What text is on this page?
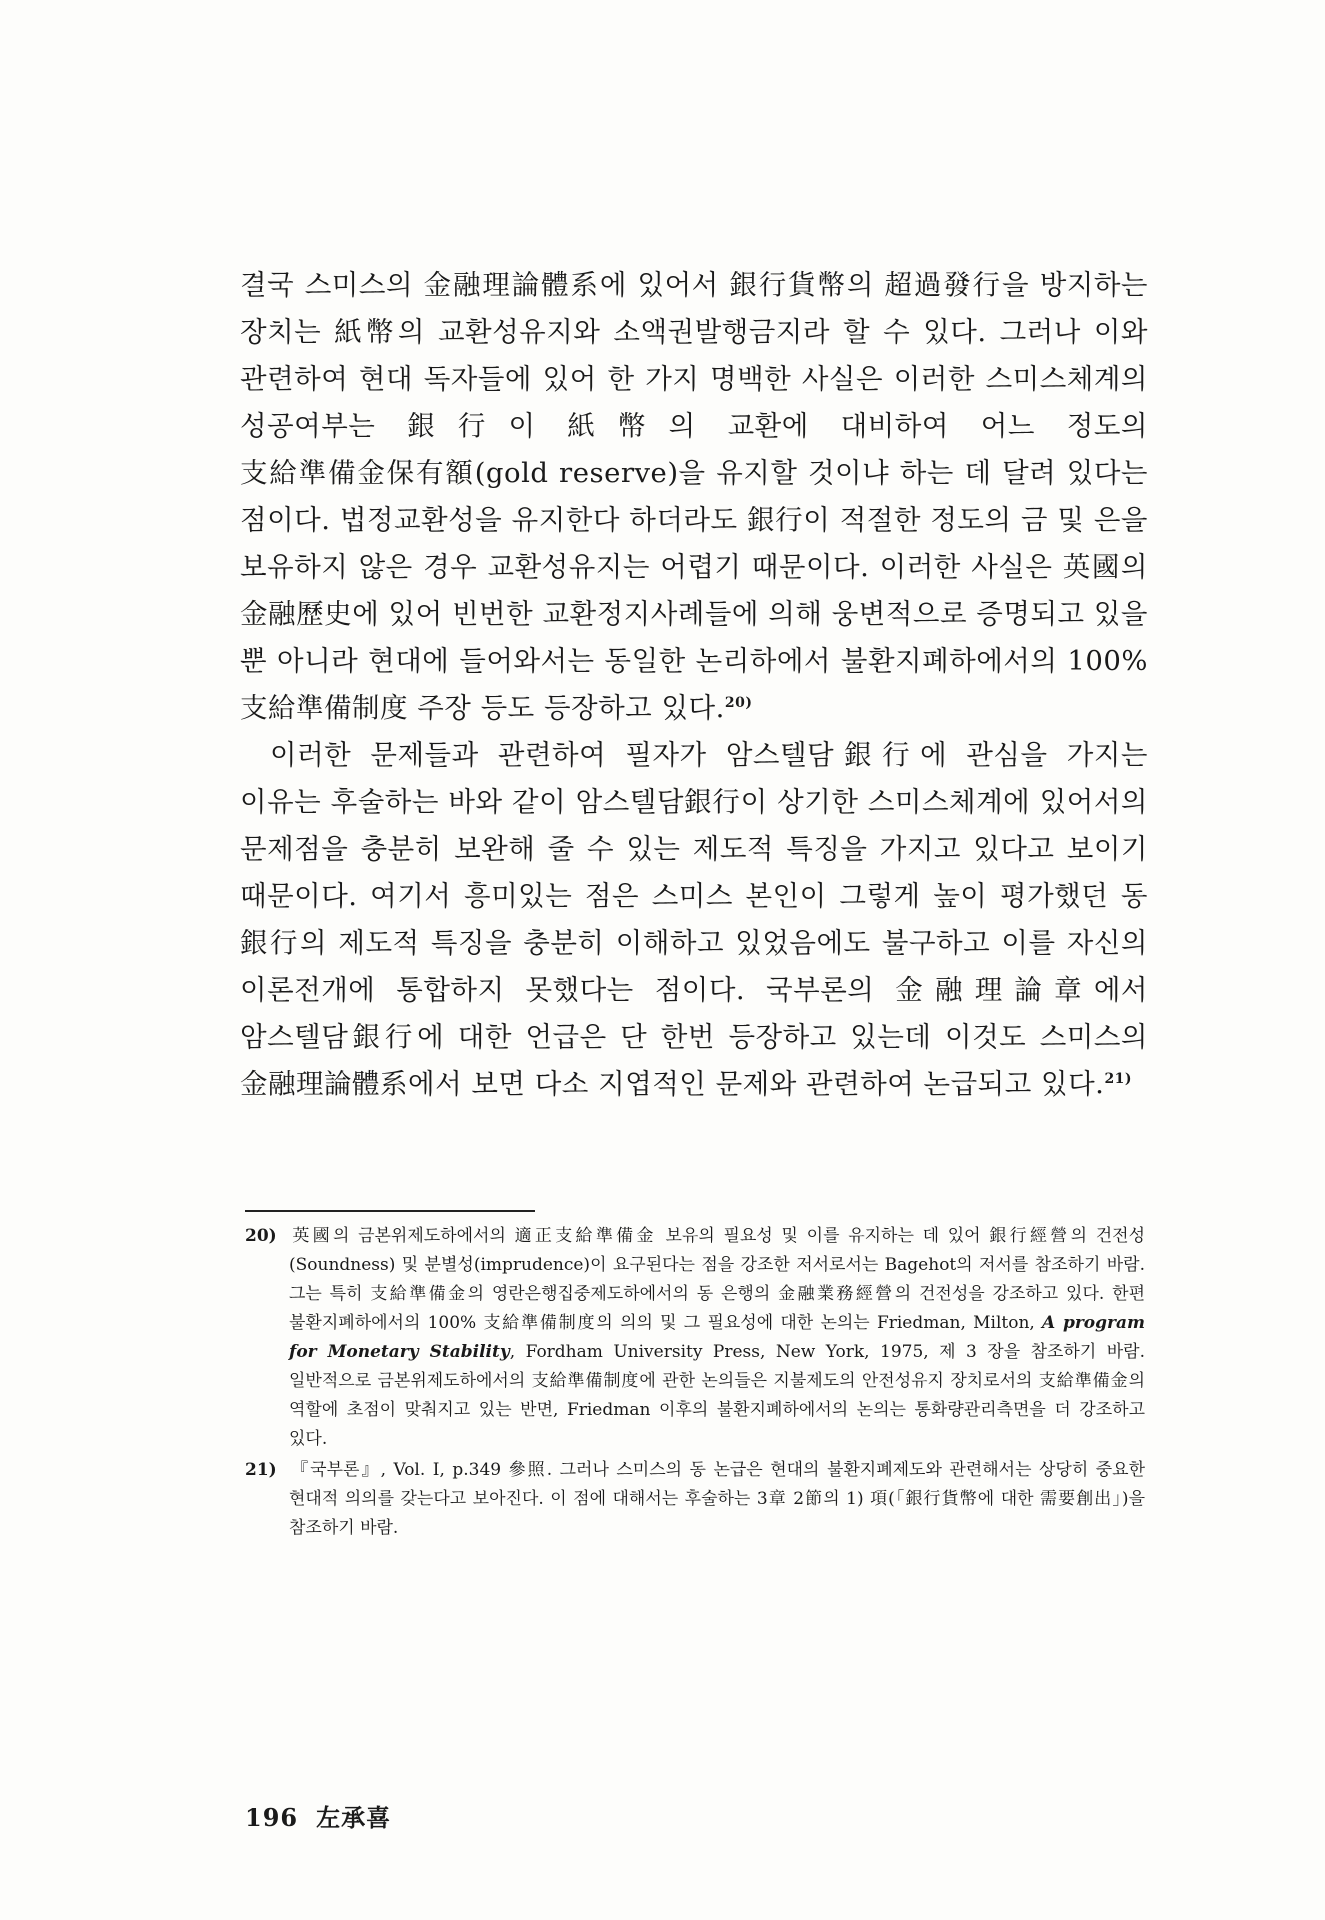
결국 스미스의 金融理論體系에 있어서 銀行貨幣의 超過發行을 방지하는 장치는 紙幣의 교환성유지와 소액권발행금지라 할 수 있다. 그러나 이와 관련하여 현대 독자들에 있어 한 가지 명백한 사실은 이러한 스미스체계의 성공여부는 銀行이 紙幣의 교환에 대비하여 어느 정도의 支給準備金保有額(gold reserve)을 유지할 것이냐 하는 데 달려 있다는 점이다. 법정교환성을 유지한다 하더라도 銀行이 적절한 정도의 금 및 은을 보유하지 않은 경우 교환성유지는 어렵기 때문이다. 이러한 사실은 英國의 金融歷史에 있어 빈번한 교환정지사례들에 의해 웅변적으로 증명되고 있을 뿐 아니라 현대에 들어와서는 동일한 논리하에서 불환지폐하에서의 100% 支給準備制度 주장 등도 등장하고 있다.$^{20)}$

이러한 문제들과 관련하여 필자가 암스텔담銀行에 관심을 가지는 이유는 후술하는 바와 같이 암스텔담銀行이 상기한 스미스체계에 있어서의 문제점을 충분히 보완해 줄 수 있는 제도적 특징을 가지고 있다고 보이기 때문이다. 여기서 흥미있는 점은 스미스 본인이 그렇게 높이 평가했던 동 銀行의 제도적 특징을 충분히 이해하고 있었음에도 불구하고 이를 자신의 이론전개에 통합하지 못했다는 점이다. 국부론의 金融理論章에서 암스텔담銀行에 대한 언급은 단 한번 등장하고 있는데 이것도 스미스의 金融理論體系에서 보면 다소 지엽적인 문제와 관련하여 논급되고 있다.$^{21)}$

20) 英國의 금본위제도하에서의 適正支給準備金 보유의 필요성 및 이를 유지하는 데 있어 銀行經營의 건전성(Soundness) 및 분별성(imprudence)이 요구된다는 점을 강조한 저서로서는 Bagehot의 저서를 참조하기 바람. 그는 특히 支給準備金의 영란은행집중제도하에서의 동 은행의 金融業務經營의 건전성을 강조하고 있다. 한편 불환지폐하에서의 100% 支給準備制度의 의의 및 그 필요성에 대한 논의는 Friedman, Milton, A program for Monetary Stability, Fordham University Press, New York, 1975, 제 3 장을 참조하기 바람. 일반적으로 금본위제도하에서의 支給準備制度에 관한 논의들은 지불제도의 안전성유지 장치로서의 支給準備金의 역할에 초점이 맞춰지고 있는 반면, Friedman 이후의 불환지폐하에서의 논의는 통화량관리측면을 더 강조하고 있다.

21) 『국부론』, Vol. I, p.349 參照. 그러나 스미스의 동 논급은 현대의 불환지폐제도와 관련해서는 상당히 중요한 현대적 의의를 갖는다고 보아진다. 이 점에 대해서는 후술하는 3章 2節의 1) 項(「銀行貨幣에 대한 需要創出」)을 참조하기 바람.

196 左承喜
